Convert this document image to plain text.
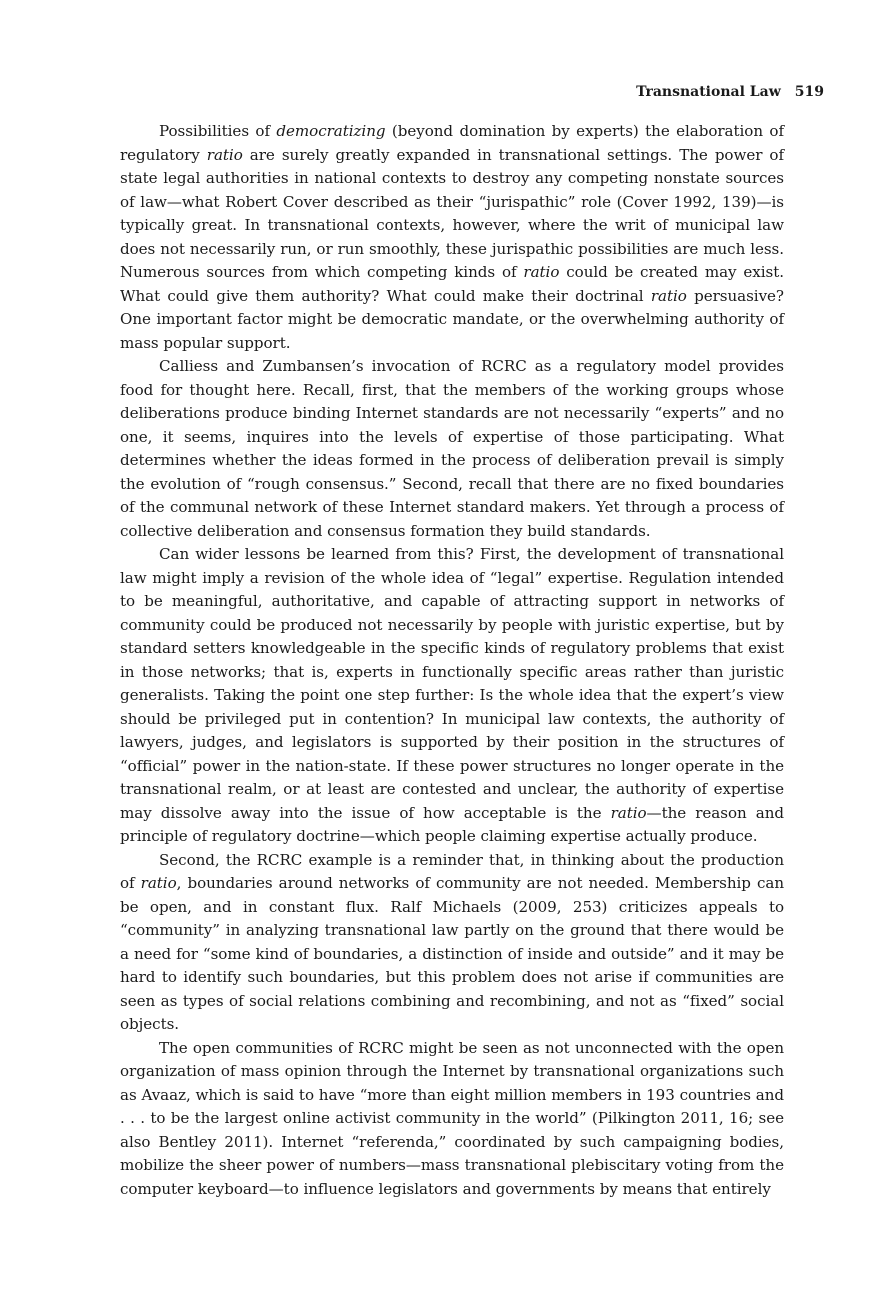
Transnational Law 519

Possibilities of democratizing (beyond domination by experts) the elaboration of regulatory ratio are surely greatly expanded in transnational settings. The power of state legal authorities in national contexts to destroy any competing nonstate sources of law—what Robert Cover described as their “jurispathic” role (Cover 1992, 139)—is typically great. In transnational contexts, however, where the writ of municipal law does not necessarily run, or run smoothly, these jurispathic possibilities are much less. Numerous sources from which competing kinds of ratio could be created may exist. What could give them authority? What could make their doctrinal ratio persuasive? One important factor might be democratic mandate, or the overwhelming authority of mass popular support.

Calliess and Zumbansen’s invocation of RCRC as a regulatory model provides food for thought here. Recall, first, that the members of the working groups whose deliberations produce binding Internet standards are not necessarily “experts” and no one, it seems, inquires into the levels of expertise of those participating. What determines whether the ideas formed in the process of deliberation prevail is simply the evolution of “rough consensus.” Second, recall that there are no fixed boundaries of the communal network of these Internet standard makers. Yet through a process of collective deliberation and consensus formation they build standards.

Can wider lessons be learned from this? First, the development of transnational law might imply a revision of the whole idea of “legal” expertise. Regulation intended to be meaningful, authoritative, and capable of attracting support in networks of community could be produced not necessarily by people with juristic expertise, but by standard setters knowledgeable in the specific kinds of regulatory problems that exist in those networks; that is, experts in functionally specific areas rather than juristic generalists. Taking the point one step further: Is the whole idea that the expert’s view should be privileged put in contention? In municipal law contexts, the authority of lawyers, judges, and legislators is supported by their position in the structures of “official” power in the nation-state. If these power structures no longer operate in the transnational realm, or at least are contested and unclear, the authority of expertise may dissolve away into the issue of how acceptable is the ratio—the reason and principle of regulatory doctrine—which people claiming expertise actually produce.

Second, the RCRC example is a reminder that, in thinking about the production of ratio, boundaries around networks of community are not needed. Membership can be open, and in constant flux. Ralf Michaels (2009, 253) criticizes appeals to “community” in analyzing transnational law partly on the ground that there would be a need for “some kind of boundaries, a distinction of inside and outside” and it may be hard to identify such boundaries, but this problem does not arise if communities are seen as types of social relations combining and recombining, and not as “fixed” social objects.

The open communities of RCRC might be seen as not unconnected with the open organization of mass opinion through the Internet by transnational organizations such as Avaaz, which is said to have “more than eight million members in 193 countries and . . . to be the largest online activist community in the world” (Pilkington 2011, 16; see also Bentley 2011). Internet “referenda,” coordinated by such campaigning bodies, mobilize the sheer power of numbers—mass transnational plebiscitary voting from the computer keyboard—to influence legislators and governments by means that entirely
